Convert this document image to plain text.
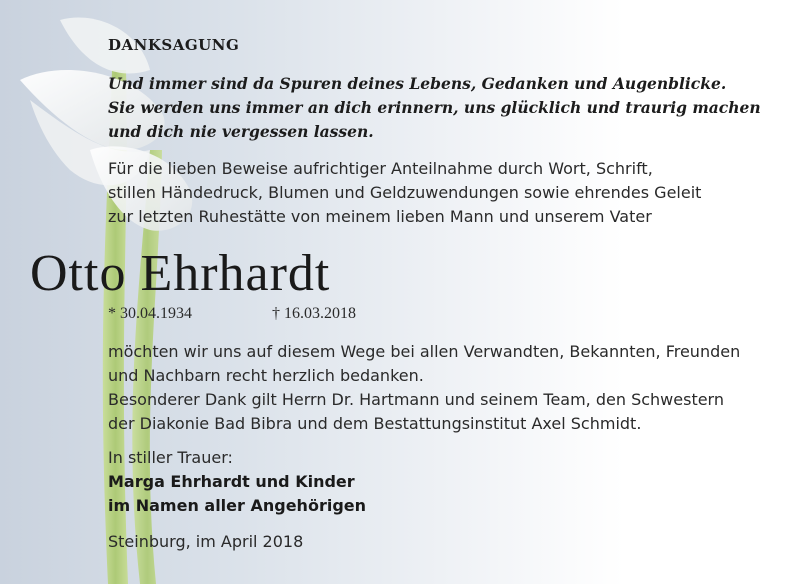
DANKSAGUNG
Und immer sind da Spuren deines Lebens, Gedanken und Augenblicke.
Sie werden uns immer an dich erinnern, uns glücklich und traurig machen
und dich nie vergessen lassen.
Für die lieben Beweise aufrichtiger Anteilnahme durch Wort, Schrift,
stillen Händedruck, Blumen und Geldzuwendungen sowie ehrendes Geleit
zur letzten Ruhestätte von meinem lieben Mann und unserem Vater
Otto Ehrhardt
* 30.04.1934	† 16.03.2018
möchten wir uns auf diesem Wege bei allen Verwandten, Bekannten, Freunden
und Nachbarn recht herzlich bedanken.
Besonderer Dank gilt Herrn Dr. Hartmann und seinem Team, den Schwestern
der Diakonie Bad Bibra und dem Bestattungsinstitut Axel Schmidt.
In stiller Trauer:
Marga Ehrhardt und Kinder
im Namen aller Angehörigen
Steinburg, im April 2018
